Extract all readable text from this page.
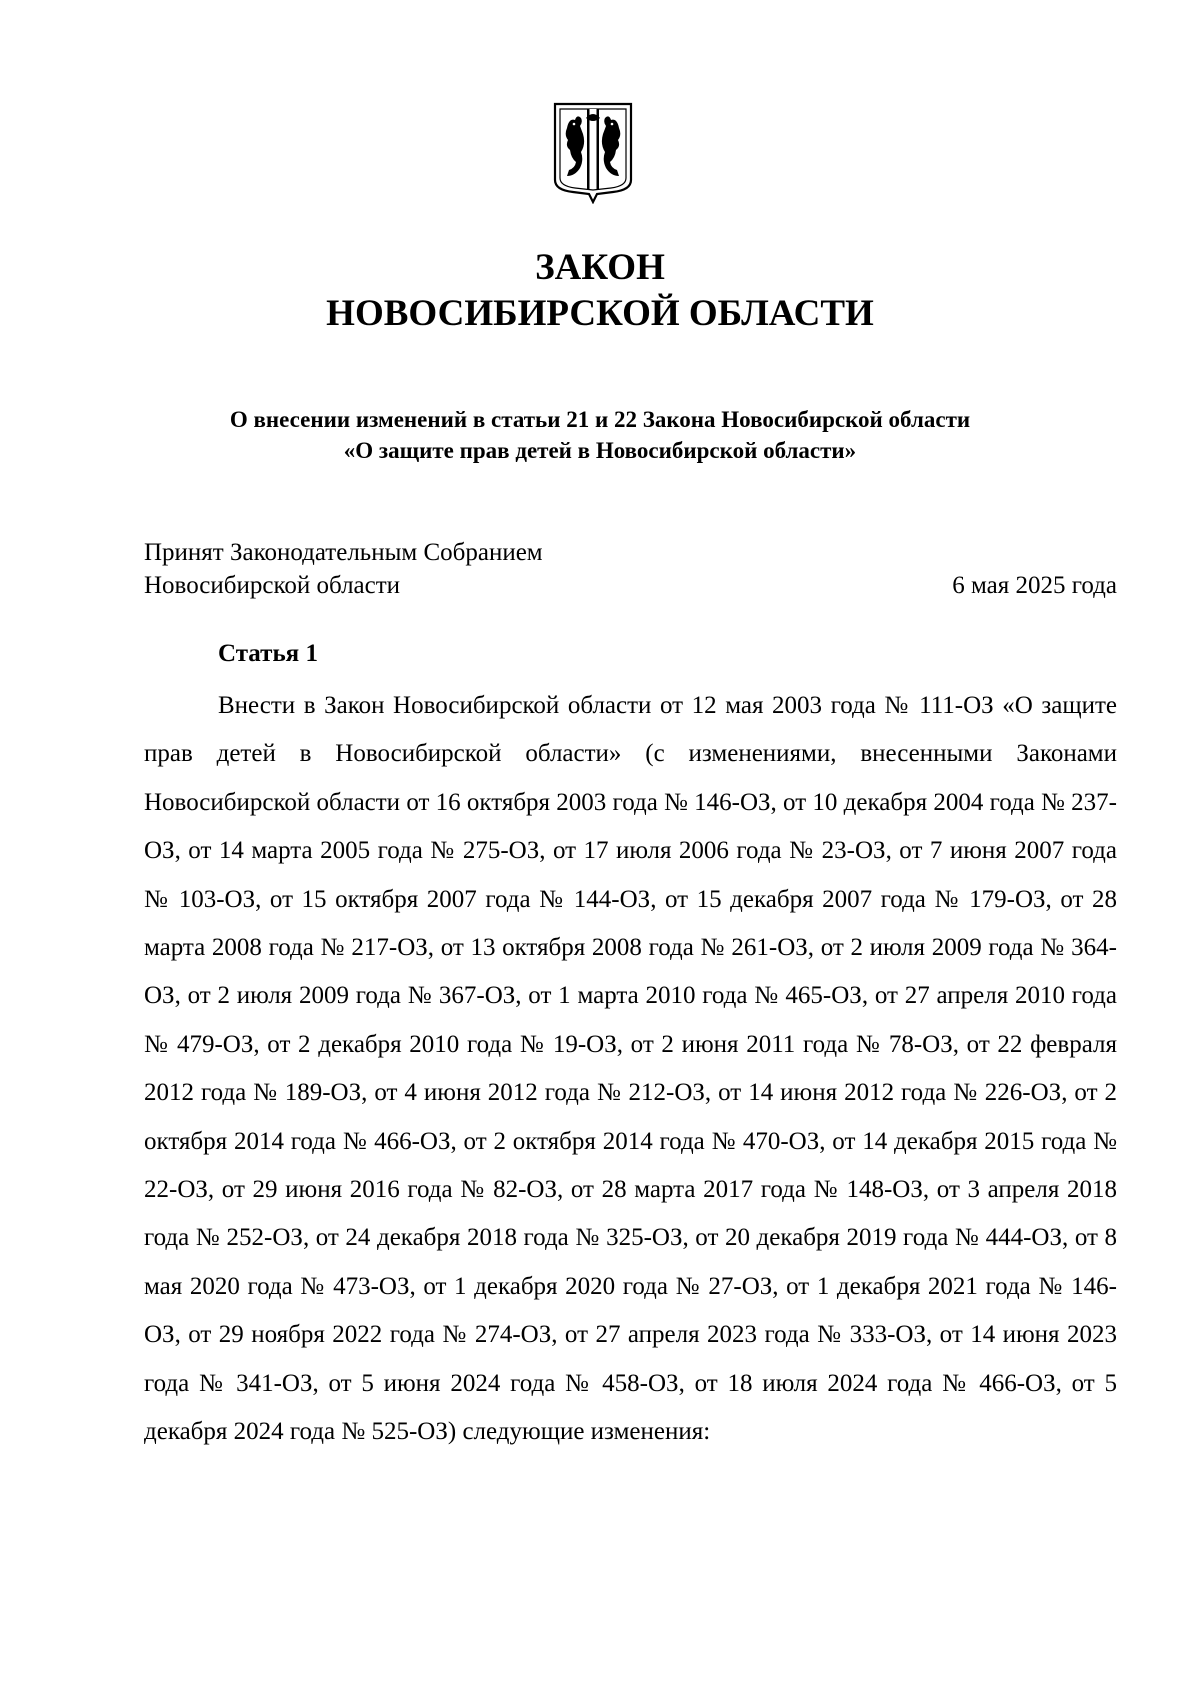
ЗАКОН
НОВОСИБИРСКОЙ ОБЛАСТИ
О внесении изменений в статьи 21 и 22 Закона Новосибирской области
«О защите прав детей в Новосибирской области»
Принят Законодательным Собранием
Новосибирской области	6 мая 2025 года
Статья 1

Внести в Закон Новосибирской области от 12 мая 2003 года № 111-ОЗ «О защите прав детей в Новосибирской области» (с изменениями, внесенными Законами Новосибирской области от 16 октября 2003 года № 146-ОЗ, от 10 декабря 2004 года № 237-ОЗ, от 14 марта 2005 года № 275-ОЗ, от 17 июля 2006 года № 23-ОЗ, от 7 июня 2007 года № 103-ОЗ, от 15 октября 2007 года № 144-ОЗ, от 15 декабря 2007 года № 179-ОЗ, от 28 марта 2008 года № 217-ОЗ, от 13 октября 2008 года № 261-ОЗ, от 2 июля 2009 года № 364-ОЗ, от 2 июля 2009 года № 367-ОЗ, от 1 марта 2010 года № 465-ОЗ, от 27 апреля 2010 года № 479-ОЗ, от 2 декабря 2010 года № 19-ОЗ, от 2 июня 2011 года № 78-ОЗ, от 22 февраля 2012 года № 189-ОЗ, от 4 июня 2012 года № 212-ОЗ, от 14 июня 2012 года № 226-ОЗ, от 2 октября 2014 года № 466-ОЗ, от 2 октября 2014 года № 470-ОЗ, от 14 декабря 2015 года № 22-ОЗ, от 29 июня 2016 года № 82-ОЗ, от 28 марта 2017 года № 148-ОЗ, от 3 апреля 2018 года № 252-ОЗ, от 24 декабря 2018 года № 325-ОЗ, от 20 декабря 2019 года № 444-ОЗ, от 8 мая 2020 года № 473-ОЗ, от 1 декабря 2020 года № 27-ОЗ, от 1 декабря 2021 года № 146-ОЗ, от 29 ноября 2022 года № 274-ОЗ, от 27 апреля 2023 года № 333-ОЗ, от 14 июня 2023 года № 341-ОЗ, от 5 июня 2024 года № 458-ОЗ, от 18 июля 2024 года № 466-ОЗ, от 5 декабря 2024 года № 525-ОЗ) следующие изменения:
